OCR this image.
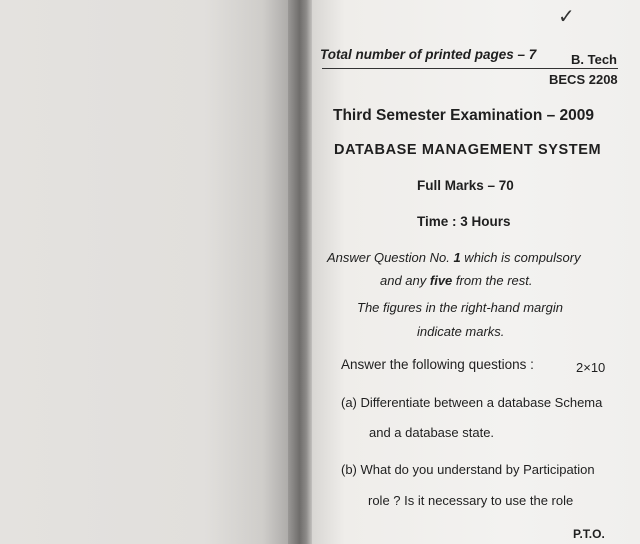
✓
Total number of printed pages – 7	B. Tech
BECS 2208
Third Semester Examination – 2009
DATABASE MANAGEMENT SYSTEM
Full Marks – 70
Time : 3 Hours
Answer Question No. 1 which is compulsory
and any five from the rest.
The figures in the right-hand margin
indicate marks.
Answer the following questions :	2×10
(a) Differentiate between a database Schema
and a database state.
(b) What do you understand by Participation
role ? Is it necessary to use the role
P.T.O.
